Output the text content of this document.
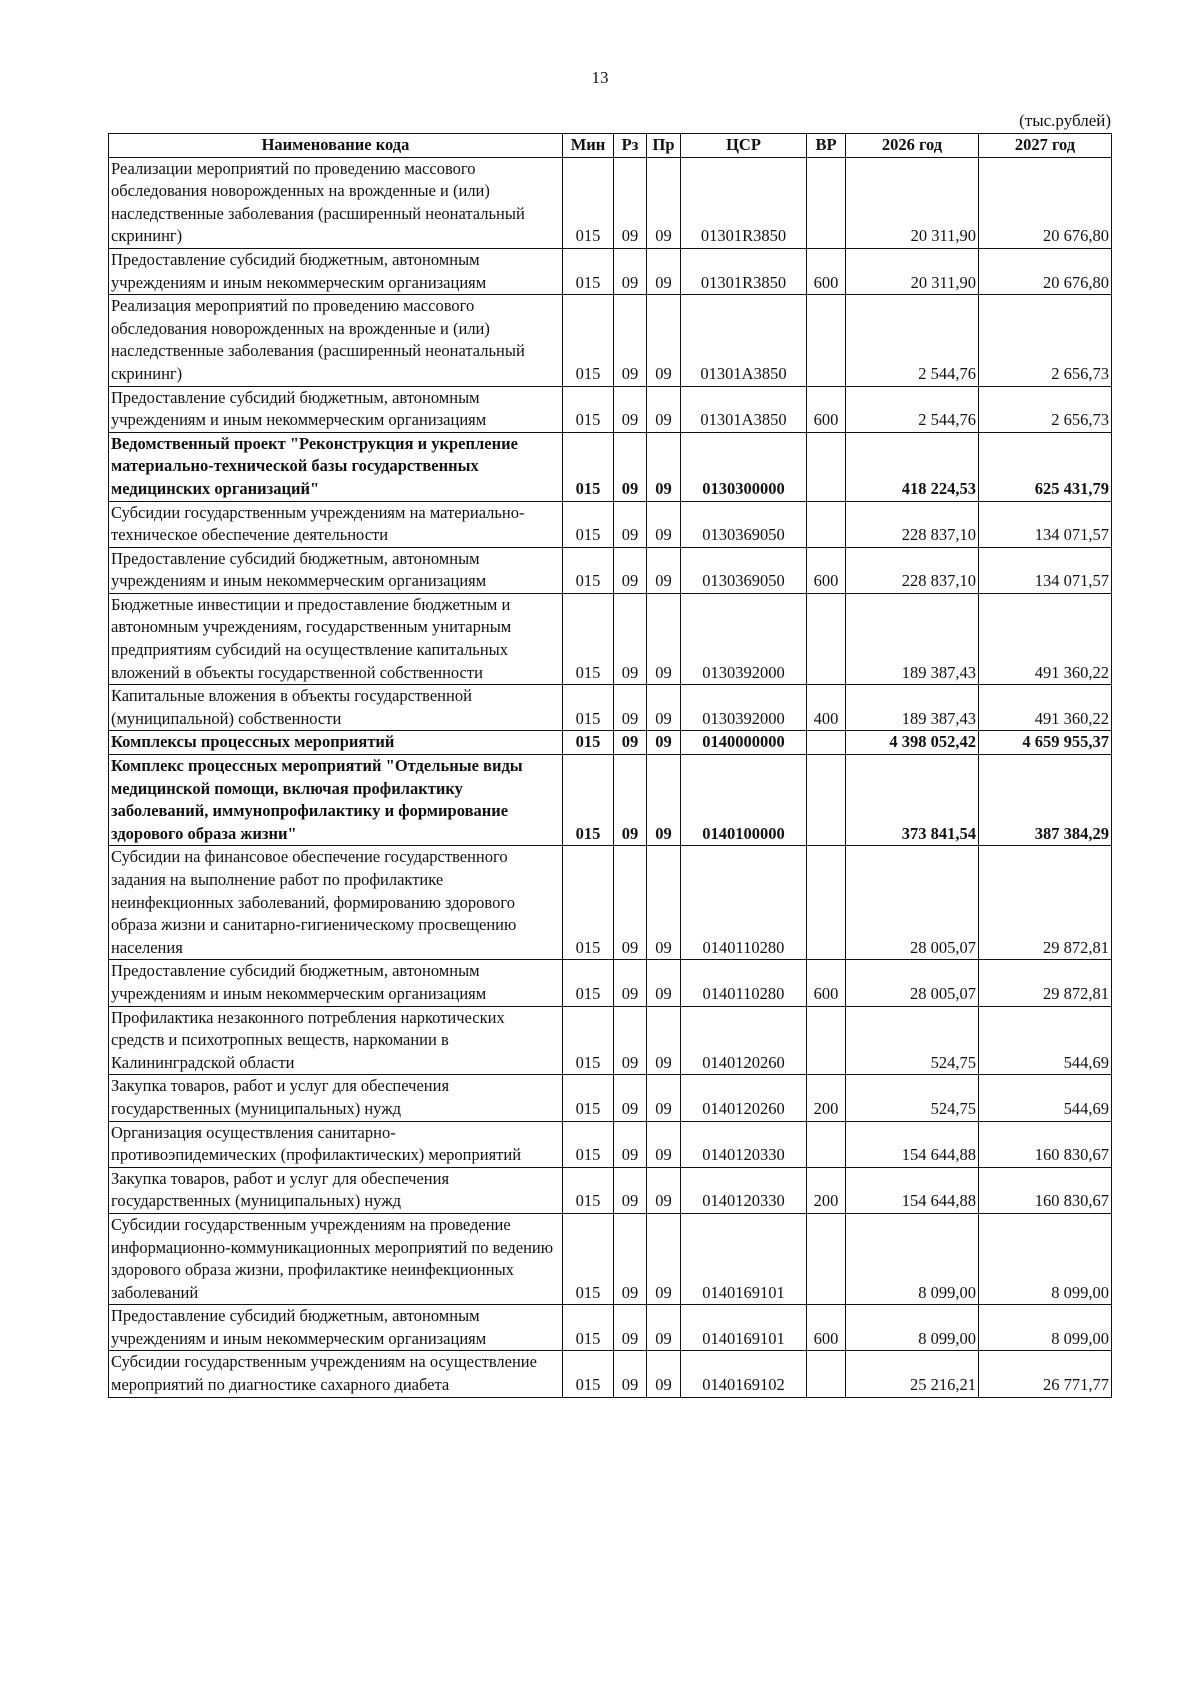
13
(тыс.рублей)
Наименование кода	Мин	Рз	Пр	ЦСР	ВР	2026 год	2027 год
Реализации мероприятий по проведению массового обследования новорожденных на врожденные и (или) наследственные заболевания (расширенный неонатальный скрининг)	015	09	09	01301R3850		20 311,90	20 676,80
Предоставление субсидий бюджетным, автономным учреждениям и иным некоммерческим организациям	015	09	09	01301R3850	600	20 311,90	20 676,80
Реализация мероприятий по проведению массового обследования новорожденных на врожденные и (или) наследственные заболевания (расширенный неонатальный скрининг)	015	09	09	01301A3850		2 544,76	2 656,73
Предоставление субсидий бюджетным, автономным учреждениям и иным некоммерческим организациям	015	09	09	01301A3850	600	2 544,76	2 656,73
Ведомственный проект "Реконструкция и укрепление материально-технической базы государственных медицинских организаций"	015	09	09	0130300000		418 224,53	625 431,79
Субсидии государственным учреждениям на материально-техническое обеспечение деятельности	015	09	09	0130369050		228 837,10	134 071,57
Предоставление субсидий бюджетным, автономным учреждениям и иным некоммерческим организациям	015	09	09	0130369050	600	228 837,10	134 071,57
Бюджетные инвестиции и предоставление бюджетным и автономным учреждениям, государственным унитарным предприятиям субсидий на осуществление капитальных вложений в объекты государственной собственности	015	09	09	0130392000		189 387,43	491 360,22
Капитальные вложения в объекты государственной (муниципальной) собственности	015	09	09	0130392000	400	189 387,43	491 360,22
Комплексы процессных мероприятий	015	09	09	0140000000		4 398 052,42	4 659 955,37
Комплекс процессных мероприятий "Отдельные виды медицинской помощи, включая профилактику заболеваний, иммунопрофилактику и формирование здорового образа жизни"	015	09	09	0140100000		373 841,54	387 384,29
Субсидии на финансовое обеспечение государственного задания на выполнение работ по профилактике неинфекционных заболеваний, формированию здорового образа жизни и санитарно-гигиеническому просвещению населения	015	09	09	0140110280		28 005,07	29 872,81
Предоставление субсидий бюджетным, автономным учреждениям и иным некоммерческим организациям	015	09	09	0140110280	600	28 005,07	29 872,81
Профилактика незаконного потребления наркотических средств и психотропных веществ, наркомании в Калининградской области	015	09	09	0140120260		524,75	544,69
Закупка товаров, работ и услуг для обеспечения государственных (муниципальных) нужд	015	09	09	0140120260	200	524,75	544,69
Организация осуществления санитарно-противоэпидемических (профилактических) мероприятий	015	09	09	0140120330		154 644,88	160 830,67
Закупка товаров, работ и услуг для обеспечения государственных (муниципальных) нужд	015	09	09	0140120330	200	154 644,88	160 830,67
Субсидии государственным учреждениям на проведение информационно-коммуникационных мероприятий по ведению здорового образа жизни, профилактике неинфекционных заболеваний	015	09	09	0140169101		8 099,00	8 099,00
Предоставление субсидий бюджетным, автономным учреждениям и иным некоммерческим организациям	015	09	09	0140169101	600	8 099,00	8 099,00
Субсидии государственным учреждениям на осуществление мероприятий по диагностике сахарного диабета	015	09	09	0140169102		25 216,21	26 771,77
